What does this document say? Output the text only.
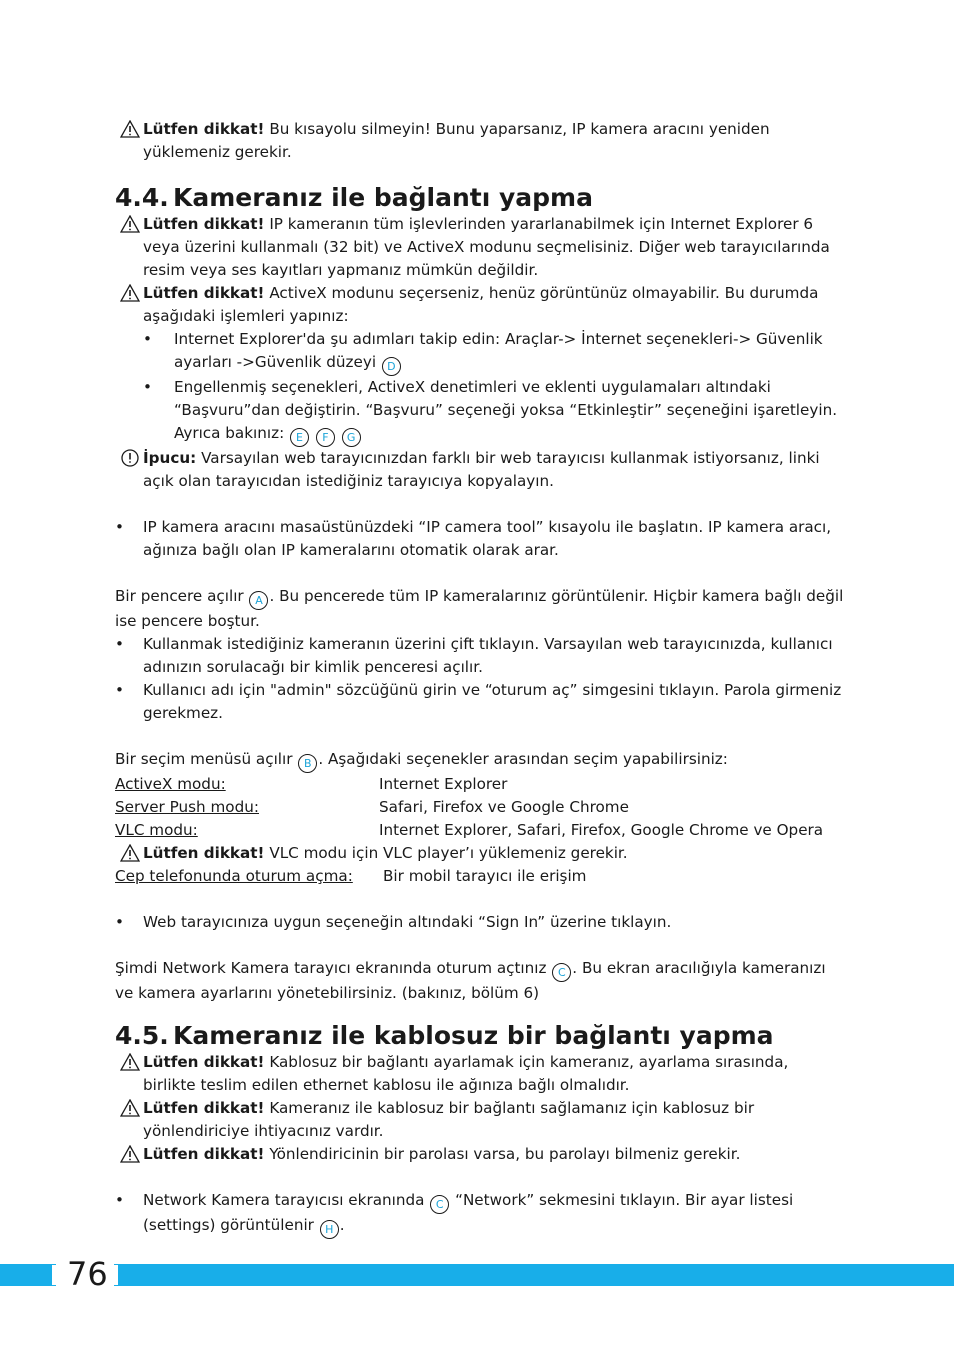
Lütfen dikkat! Bu kısayolu silmeyin! Bunu yaparsanız, IP kamera aracını yeniden yüklemeniz gerekir.

4.4. Kameranız ile bağlantı yapma

Lütfen dikkat! IP kameranın tüm işlevlerinden yararlanabilmek için Internet Explorer 6 veya üzerini kullanmalı (32 bit) ve ActiveX modunu seçmelisiniz. Diğer web tarayıcılarında resim veya ses kayıtları yapmanız mümkün değildir.

Lütfen dikkat! ActiveX modunu seçerseniz, henüz görüntünüz olmayabilir. Bu durumda aşağıdaki işlemleri yapınız:

• Internet Explorer'da şu adımları takip edin: Araçlar-> İnternet seçenekleri-> Güvenlik ayarları ->Güvenlik düzeyi D

• Engellenmiş seçenekleri, ActiveX denetimleri ve eklenti uygulamaları altındaki “Başvuru”dan değiştirin. “Başvuru” seçeneği yoksa “Etkinleştir” seçeneğini işaretleyin. Ayrıca bakınız: E F G

İpucu: Varsayılan web tarayıcınızdan farklı bir web tarayıcısı kullanmak istiyorsanız, linki açık olan tarayıcıdan istediğiniz tarayıcıya kopyalayın.

• IP kamera aracını masaüstünüzdeki “IP camera tool” kısayolu ile başlatın. IP kamera aracı, ağınıza bağlı olan IP kameralarını otomatik olarak arar.

Bir pencere açılır A . Bu pencerede tüm IP kameralarınız görüntülenir. Hiçbir kamera bağlı değil ise pencere boştur.

• Kullanmak istediğiniz kameranın üzerini çift tıklayın. Varsayılan web tarayıcınızda, kullanıcı adınızın sorulacağı bir kimlik penceresi açılır.

• Kullanıcı adı için "admin" sözcüğünü girin ve “oturum aç” simgesini tıklayın. Parola girmeniz gerekmez.

Bir seçim menüsü açılır B . Aşağıdaki seçenekler arasından seçim yapabilirsiniz:

ActiveX modu:	Internet Explorer
Server Push modu:	Safari, Firefox ve Google Chrome
VLC modu:	Internet Explorer, Safari, Firefox, Google Chrome ve Opera

Lütfen dikkat! VLC modu için VLC player’ı yüklemeniz gerekir.

Cep telefonunda oturum açma:	Bir mobil tarayıcı ile erişim

• Web tarayıcınıza uygun seçeneğin altındaki “Sign In” üzerine tıklayın.

Şimdi Network Kamera tarayıcı ekranında oturum açtınız C . Bu ekran aracılığıyla kameranızı ve kamera ayarlarını yönetebilirsiniz. (bakınız, bölüm 6)

4.5. Kameranız ile kablosuz bir bağlantı yapma

Lütfen dikkat! Kablosuz bir bağlantı ayarlamak için kameranız, ayarlama sırasında, birlikte teslim edilen ethernet kablosu ile ağınıza bağlı olmalıdır.

Lütfen dikkat! Kameranız ile kablosuz bir bağlantı sağlamanız için kablosuz bir yönlendiriciye ihtiyacınız vardır.

Lütfen dikkat! Yönlendiricinin bir parolası varsa, bu parolayı bilmeniz gerekir.

• Network Kamera tarayıcısı ekranında C “Network” sekmesini tıklayın. Bir ayar listesi (settings) görüntülenir H .

76
